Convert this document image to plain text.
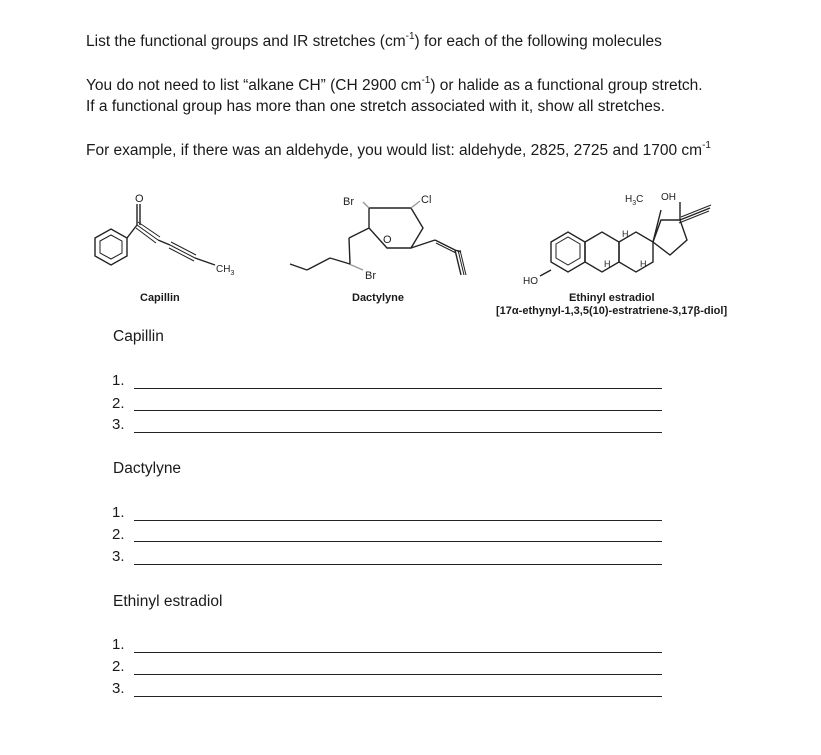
List the functional groups and IR stretches $(cm^{-1})$ for each of the following molecules
You do not need to list “alkane CH” (CH 2900 $cm^{-1}$) or halide as a functional group stretch.
If a functional group has more than one stretch associated with it, show all stretches.
For example, if there was an aldehyde, you would list: aldehyde, 2825, 2725 and 1700 $cm^{-1}$
O
$CH_3$
Br	Cl
O
Br
$H_3C$ OH
HO
H
H	H
Capillin	Dactylyne	Ethinyl estradiol
[17α-ethynyl-1,3,5(10)-estratriene-3,17β-diol]
Capillin
1.
2.
3.
Dactylyne
1.
2.
3.
Ethinyl estradiol
1.
2.
3.
